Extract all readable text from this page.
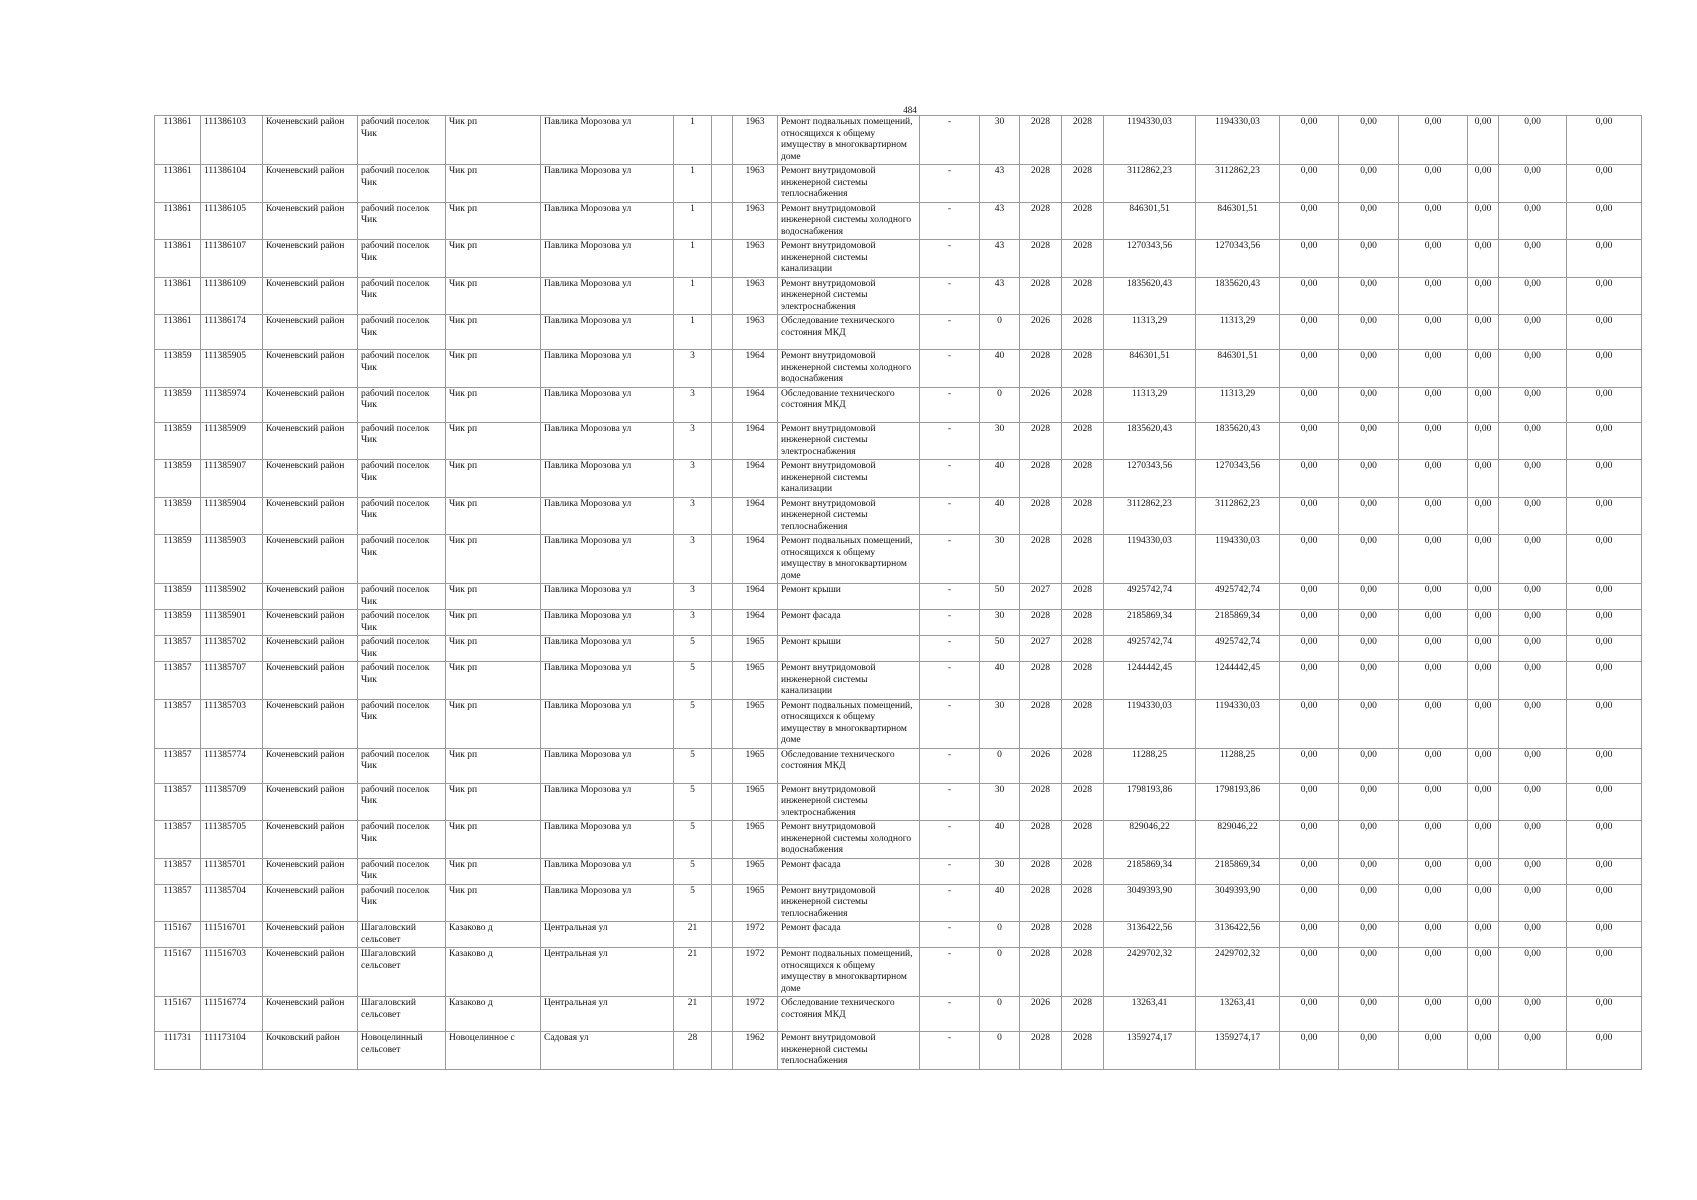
484
113861	111386103	Коченевский район	рабочий поселок Чик	Чик рп	Павлика Морозова ул	1		1963	Ремонт подвальных помещений, относящихся к общему имуществу в многоквартирном доме	-	30	2028	2028	1194330,03	1194330,03	0,00	0,00	0,00	0,00	0,00	0,00
113861	111386104	Коченевский район	рабочий поселок Чик	Чик рп	Павлика Морозова ул	1		1963	Ремонт внутридомовой инженерной системы теплоснабжения	-	43	2028	2028	3112862,23	3112862,23	0,00	0,00	0,00	0,00	0,00	0,00
113861	111386105	Коченевский район	рабочий поселок Чик	Чик рп	Павлика Морозова ул	1		1963	Ремонт внутридомовой инженерной системы холодного водоснабжения	-	43	2028	2028	846301,51	846301,51	0,00	0,00	0,00	0,00	0,00	0,00
113861	111386107	Коченевский район	рабочий поселок Чик	Чик рп	Павлика Морозова ул	1		1963	Ремонт внутридомовой инженерной системы канализации	-	43	2028	2028	1270343,56	1270343,56	0,00	0,00	0,00	0,00	0,00	0,00
113861	111386109	Коченевский район	рабочий поселок Чик	Чик рп	Павлика Морозова ул	1		1963	Ремонт внутридомовой инженерной системы электроснабжения	-	43	2028	2028	1835620,43	1835620,43	0,00	0,00	0,00	0,00	0,00	0,00
113861	111386174	Коченевский район	рабочий поселок Чик	Чик рп	Павлика Морозова ул	1		1963	Обследование технического состояния МКД	-	0	2026	2028	11313,29	11313,29	0,00	0,00	0,00	0,00	0,00	0,00
113859	111385905	Коченевский район	рабочий поселок Чик	Чик рп	Павлика Морозова ул	3		1964	Ремонт внутридомовой инженерной системы холодного водоснабжения	-	40	2028	2028	846301,51	846301,51	0,00	0,00	0,00	0,00	0,00	0,00
113859	111385974	Коченевский район	рабочий поселок Чик	Чик рп	Павлика Морозова ул	3		1964	Обследование технического состояния МКД	-	0	2026	2028	11313,29	11313,29	0,00	0,00	0,00	0,00	0,00	0,00
113859	111385909	Коченевский район	рабочий поселок Чик	Чик рп	Павлика Морозова ул	3		1964	Ремонт внутридомовой инженерной системы электроснабжения	-	30	2028	2028	1835620,43	1835620,43	0,00	0,00	0,00	0,00	0,00	0,00
113859	111385907	Коченевский район	рабочий поселок Чик	Чик рп	Павлика Морозова ул	3		1964	Ремонт внутридомовой инженерной системы канализации	-	40	2028	2028	1270343,56	1270343,56	0,00	0,00	0,00	0,00	0,00	0,00
113859	111385904	Коченевский район	рабочий поселок Чик	Чик рп	Павлика Морозова ул	3		1964	Ремонт внутридомовой инженерной системы теплоснабжения	-	40	2028	2028	3112862,23	3112862,23	0,00	0,00	0,00	0,00	0,00	0,00
113859	111385903	Коченевский район	рабочий поселок Чик	Чик рп	Павлика Морозова ул	3		1964	Ремонт подвальных помещений, относящихся к общему имуществу в многоквартирном доме	-	30	2028	2028	1194330,03	1194330,03	0,00	0,00	0,00	0,00	0,00	0,00
113859	111385902	Коченевский район	рабочий поселок Чик	Чик рп	Павлика Морозова ул	3		1964	Ремонт крыши	-	50	2027	2028	4925742,74	4925742,74	0,00	0,00	0,00	0,00	0,00	0,00
113859	111385901	Коченевский район	рабочий поселок Чик	Чик рп	Павлика Морозова ул	3		1964	Ремонт фасада	-	30	2028	2028	2185869,34	2185869,34	0,00	0,00	0,00	0,00	0,00	0,00
113857	111385702	Коченевский район	рабочий поселок Чик	Чик рп	Павлика Морозова ул	5		1965	Ремонт крыши	-	50	2027	2028	4925742,74	4925742,74	0,00	0,00	0,00	0,00	0,00	0,00
113857	111385707	Коченевский район	рабочий поселок Чик	Чик рп	Павлика Морозова ул	5		1965	Ремонт внутридомовой инженерной системы канализации	-	40	2028	2028	1244442,45	1244442,45	0,00	0,00	0,00	0,00	0,00	0,00
113857	111385703	Коченевский район	рабочий поселок Чик	Чик рп	Павлика Морозова ул	5		1965	Ремонт подвальных помещений, относящихся к общему имуществу в многоквартирном доме	-	30	2028	2028	1194330,03	1194330,03	0,00	0,00	0,00	0,00	0,00	0,00
113857	111385774	Коченевский район	рабочий поселок Чик	Чик рп	Павлика Морозова ул	5		1965	Обследование технического состояния МКД	-	0	2026	2028	11288,25	11288,25	0,00	0,00	0,00	0,00	0,00	0,00
113857	111385709	Коченевский район	рабочий поселок Чик	Чик рп	Павлика Морозова ул	5		1965	Ремонт внутридомовой инженерной системы электроснабжения	-	30	2028	2028	1798193,86	1798193,86	0,00	0,00	0,00	0,00	0,00	0,00
113857	111385705	Коченевский район	рабочий поселок Чик	Чик рп	Павлика Морозова ул	5		1965	Ремонт внутридомовой инженерной системы холодного водоснабжения	-	40	2028	2028	829046,22	829046,22	0,00	0,00	0,00	0,00	0,00	0,00
113857	111385701	Коченевский район	рабочий поселок Чик	Чик рп	Павлика Морозова ул	5		1965	Ремонт фасада	-	30	2028	2028	2185869,34	2185869,34	0,00	0,00	0,00	0,00	0,00	0,00
113857	111385704	Коченевский район	рабочий поселок Чик	Чик рп	Павлика Морозова ул	5		1965	Ремонт внутридомовой инженерной системы теплоснабжения	-	40	2028	2028	3049393,90	3049393,90	0,00	0,00	0,00	0,00	0,00	0,00
115167	111516701	Коченевский район	Шагаловский сельсовет	Казаково д	Центральная ул	21		1972	Ремонт фасада	-	0	2028	2028	3136422,56	3136422,56	0,00	0,00	0,00	0,00	0,00	0,00
115167	111516703	Коченевский район	Шагаловский сельсовет	Казаково д	Центральная ул	21		1972	Ремонт подвальных помещений, относящихся к общему имуществу в многоквартирном доме	-	0	2028	2028	2429702,32	2429702,32	0,00	0,00	0,00	0,00	0,00	0,00
115167	111516774	Коченевский район	Шагаловский сельсовет	Казаково д	Центральная ул	21		1972	Обследование технического состояния МКД	-	0	2026	2028	13263,41	13263,41	0,00	0,00	0,00	0,00	0,00	0,00
111731	111173104	Кочковский район	Новоцелинный сельсовет	Новоцелинное с	Садовая ул	28		1962	Ремонт внутридомовой инженерной системы теплоснабжения	-	0	2028	2028	1359274,17	1359274,17	0,00	0,00	0,00	0,00	0,00	0,00
